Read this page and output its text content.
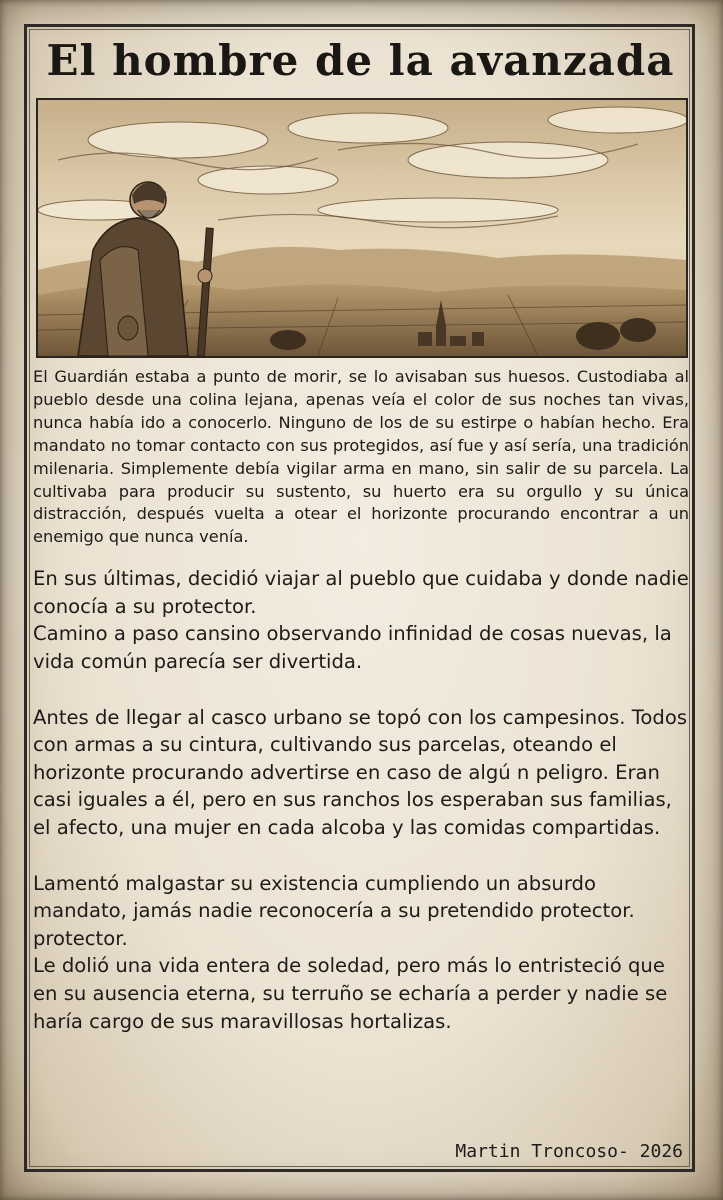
El hombre de la avanzada

El Guardián estaba a punto de morir, se lo avisaban sus huesos. Custodiaba al pueblo desde una colina lejana, apenas veía el color de sus noches tan vivas, nunca había ido a conocerlo. Ninguno de los de su estirpe o habían hecho. Era mandato no tomar contacto con sus protegidos, así fue y así sería, una tradición milenaria. Simplemente debía vigilar arma en mano, sin salir de su parcela. La cultivaba para producir su sustento, su huerto era su orgullo y su única distracción, después vuelta a otear el horizonte procurando encontrar a un enemigo que nunca venía.

En sus últimas, decidió viajar al pueblo que cuidaba y donde nadie conocía a su protector.

Camino a paso cansino observando infinidad de cosas nuevas, la vida común parecía ser divertida.

Antes de llegar al casco urbano se topó con los campesinos. Todos con armas a su cintura, cultivando sus parcelas, oteando el horizonte procurando advertirse en caso de algú n peligro. Eran casi iguales a él, pero en sus ranchos los esperaban sus familias, el afecto, una mujer en cada alcoba y las comidas compartidas.

Lamentó malgastar su existencia cumpliendo un absurdo mandato, jamás nadie reconocería a su pretendido protector. protector.

Le dolió una vida entera de soledad, pero más lo entristeció que en su ausencia eterna, su terruño se echaría a perder y nadie se haría cargo de sus maravillosas hortalizas.

Martin Troncoso- 2026
